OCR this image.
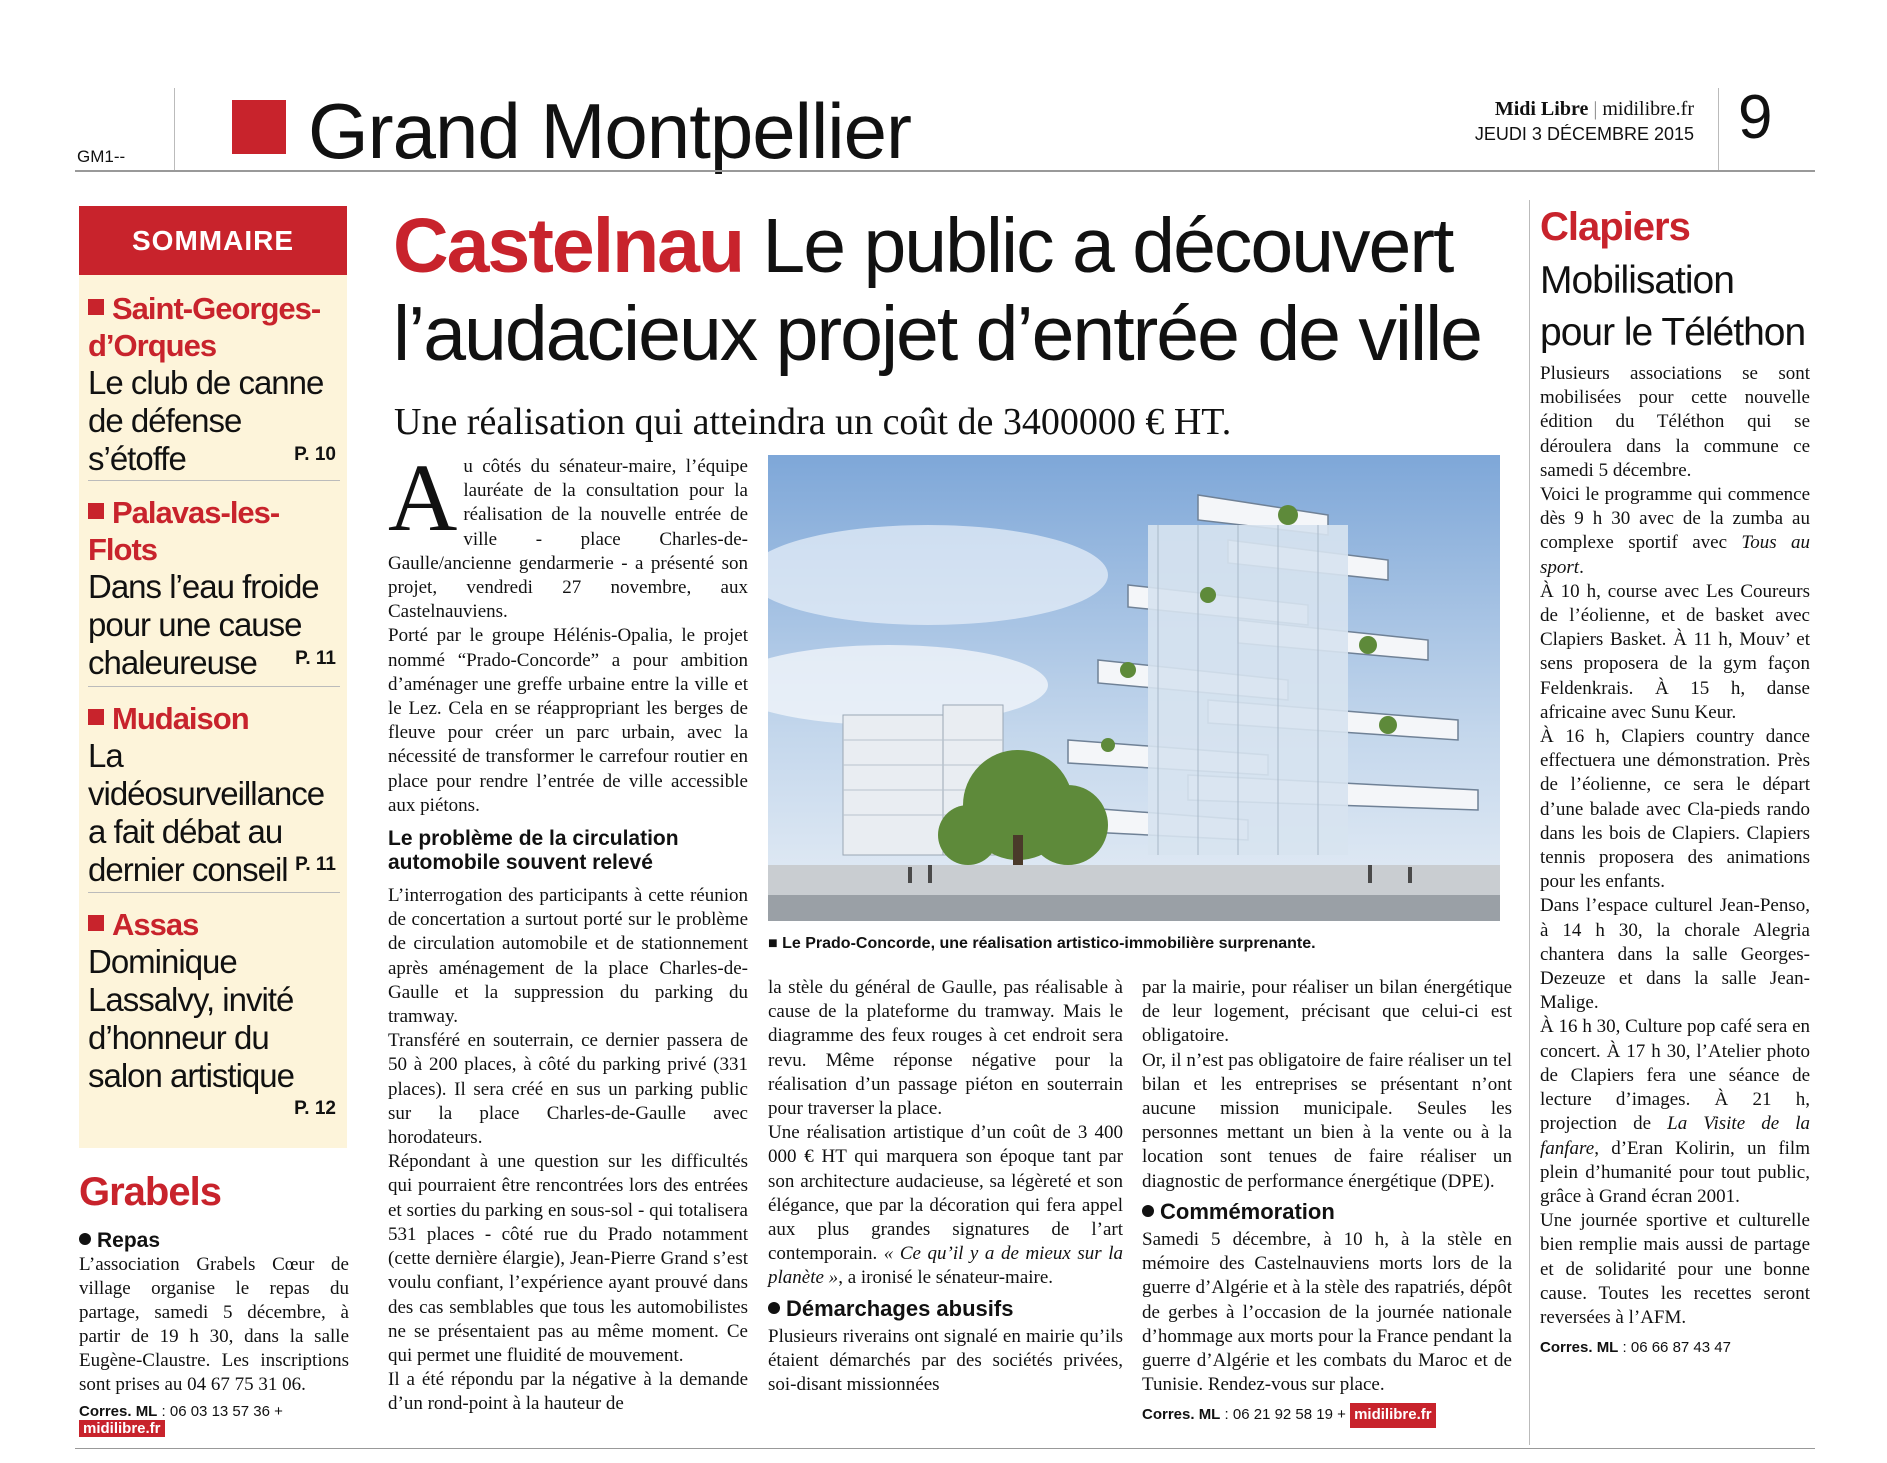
Grand Montpellier
GM1--
Midi Libre | midilibre.fr
JEUDI 3 DÉCEMBRE 2015 9
SOMMAIRE
Saint-Georges-d’Orques
Le club de canne de défense s’étoffe	P. 10
Palavas-les-Flots
Dans l’eau froide pour une cause chaleureuse	P. 11
Mudaison
La vidéosurveillance a fait débat au dernier conseil P. 11
Assas
Dominique Lassalvy, invité d’honneur du salon artistique
P. 12
Grabels
Repas
L’association Grabels Cœur de village organise le repas du partage, samedi 5 décembre, à partir de 19 h 30, dans la salle Eugène-Claustre. Les inscriptions sont prises au 04 67 75 31 06.
Corres. ML : 06 03 13 57 36 + midilibre.fr
Castelnau Le public a découvert l’audacieux projet d’entrée de ville
Une réalisation qui atteindra un coût de 3400000 € HT.
A u côtés du sénateur-maire, l’équipe lauréate de la consultation pour la réalisation de la nouvelle entrée de ville - place Charles-de-Gaulle/ancienne gendarmerie - a présenté son projet, vendredi 27 novembre, aux Castelnauviens.
Porté par le groupe Hélénis-Opalia, le projet nommé “Prado-Concorde” a pour ambition d’aménager une greffe urbaine entre la ville et le Lez. Cela en se réappropriant les berges de fleuve pour créer un parc urbain, avec la nécessité de transformer le carrefour routier en place pour rendre l’entrée de ville accessible aux piétons.
Le problème de la circulation automobile souvent relevé
L’interrogation des participants à cette réunion de concertation a surtout porté sur le problème de circulation automobile et de stationnement après aménagement de la place Charles-de-Gaulle et la suppression du parking du tramway.
Transféré en souterrain, ce dernier passera de 50 à 200 places, à côté du parking privé (331 places). Il sera créé en sus un parking public sur la place Charles-de-Gaulle avec horodateurs.
Répondant à une question sur les difficultés qui pourraient être rencontrées lors des entrées et sorties du parking en sous-sol - qui totalisera 531 places - côté rue du Prado notamment (cette dernière élargie), Jean-Pierre Grand s’est voulu confiant, l’expérience ayant prouvé dans des cas semblables que tous les automobilistes ne se présentaient pas au même moment. Ce qui permet une fluidité de mouvement.
Il a été répondu par la négative à la demande d’un rond-point à la hauteur de
■ Le Prado-Concorde, une réalisation artistico-immobilière surprenante.
la stèle du général de Gaulle, pas réalisable à cause de la plateforme du tramway. Mais le diagramme des feux rouges à cet endroit sera revu. Même réponse négative pour la réalisation d’un passage piéton en souterrain pour traverser la place.
Une réalisation artistique d’un coût de 3 400 000 € HT qui marquera son époque tant par son architecture audacieuse, sa légèreté et son élégance, que par la décoration qui fera appel aux plus grandes signatures de l’art contemporain. « Ce qu’il y a de mieux sur la planète », a ironisé le sénateur-maire.
Démarchages abusifs
Plusieurs riverains ont signalé en mairie qu’ils étaient démarchés par des sociétés privées, soi-disant missionnées
par la mairie, pour réaliser un bilan énergétique de leur logement, précisant que celui-ci est obligatoire.
Or, il n’est pas obligatoire de faire réaliser un tel bilan et les entreprises se présentant n’ont aucune mission municipale. Seules les personnes mettant un bien à la vente ou à la location sont tenues de faire réaliser un diagnostic de performance énergétique (DPE).
Commémoration
Samedi 5 décembre, à 10 h, à la stèle en mémoire des Castelnauviens morts lors de la guerre d’Algérie et à la stèle des rapatriés, dépôt de gerbes à l’occasion de la journée nationale d’hommage aux morts pour la France pendant la guerre d’Algérie et les combats du Maroc et de Tunisie. Rendez-vous sur place.
Corres. ML : 06 21 92 58 19 + midilibre.fr
Clapiers
Mobilisation pour le Téléthon
Plusieurs associations se sont mobilisées pour cette nouvelle édition du Téléthon qui se déroulera dans la commune ce samedi 5 décembre.
Voici le programme qui commence dès 9 h 30 avec de la zumba au complexe sportif avec Tous au sport.
À 10 h, course avec Les Coureurs de l’éolienne, et de basket avec Clapiers Basket. À 11 h, Mouv’ et sens proposera de la gym façon Feldenkrais. À 15 h, danse africaine avec Sunu Keur.
À 16 h, Clapiers country dance effectuera une démonstration. Près de l’éolienne, ce sera le départ d’une balade avec Cla-pieds rando dans les bois de Clapiers. Clapiers tennis proposera des animations pour les enfants.
Dans l’espace culturel Jean-Penso, à 14 h 30, la chorale Alegria chantera dans la salle Georges-Dezeuze et dans la salle Jean-Malige.
À 16 h 30, Culture pop café sera en concert. À 17 h 30, l’Atelier photo de Clapiers fera une séance de lecture d’images. À 21 h, projection de La Visite de la fanfare, d’Eran Kolirin, un film plein d’humanité pour tout public, grâce à Grand écran 2001.
Une journée sportive et culturelle bien remplie mais aussi de partage et de solidarité pour une bonne cause. Toutes les recettes seront reversées à l’AFM.
Corres. ML : 06 66 87 43 47
